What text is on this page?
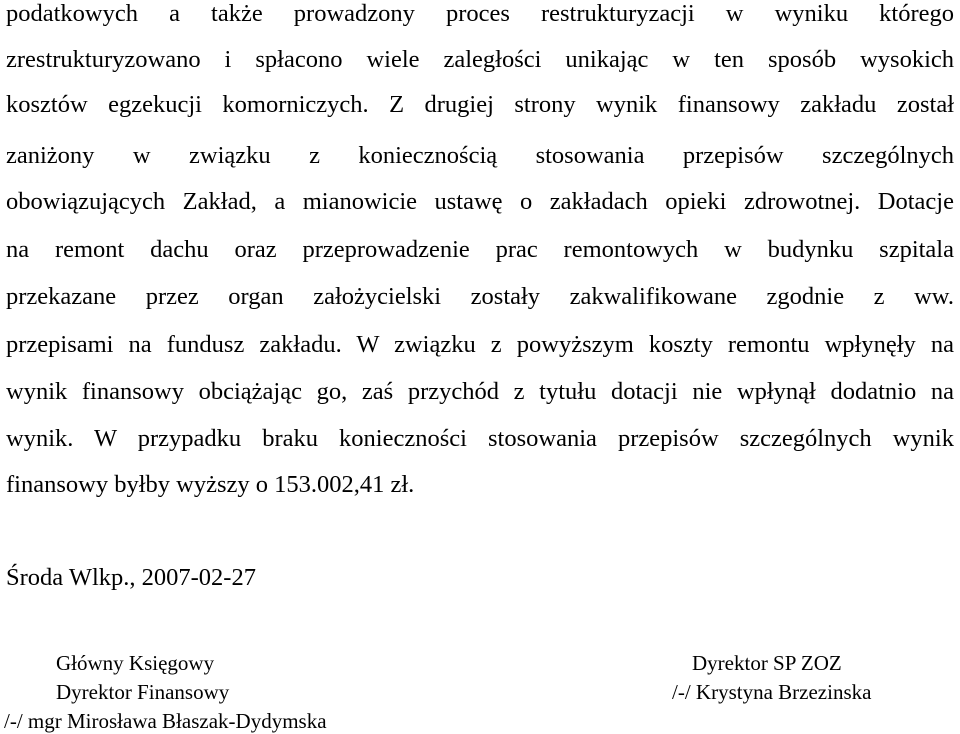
podatkowych a także prowadzony proces restrukturyzacji w wyniku którego
zrestrukturyzowano i spłacono wiele zaległości unikając w ten sposób wysokich
kosztów egzekucji komorniczych. Z drugiej strony wynik finansowy zakładu został
zaniżony w związku z koniecznością stosowania przepisów szczególnych
obowiązujących Zakład, a mianowicie ustawę o zakładach opieki zdrowotnej. Dotacje
na remont dachu oraz przeprowadzenie prac remontowych w budynku szpitala
przekazane przez organ założycielski zostały zakwalifikowane zgodnie z ww.
przepisami na fundusz zakładu. W związku z powyższym koszty remontu wpłynęły na
wynik finansowy obciążając go, zaś przychód z tytułu dotacji nie wpłynął dodatnio na
wynik. W przypadku braku konieczności stosowania przepisów szczególnych wynik
finansowy byłby wyższy o 153.002,41 zł.
Środa Wlkp., 2007-02-27
Główny Księgowy
Dyrektor Finansowy
/-/ mgr Mirosława Błaszak-Dydymska
Dyrektor SP ZOZ
/-/ Krystyna Brzezinska
